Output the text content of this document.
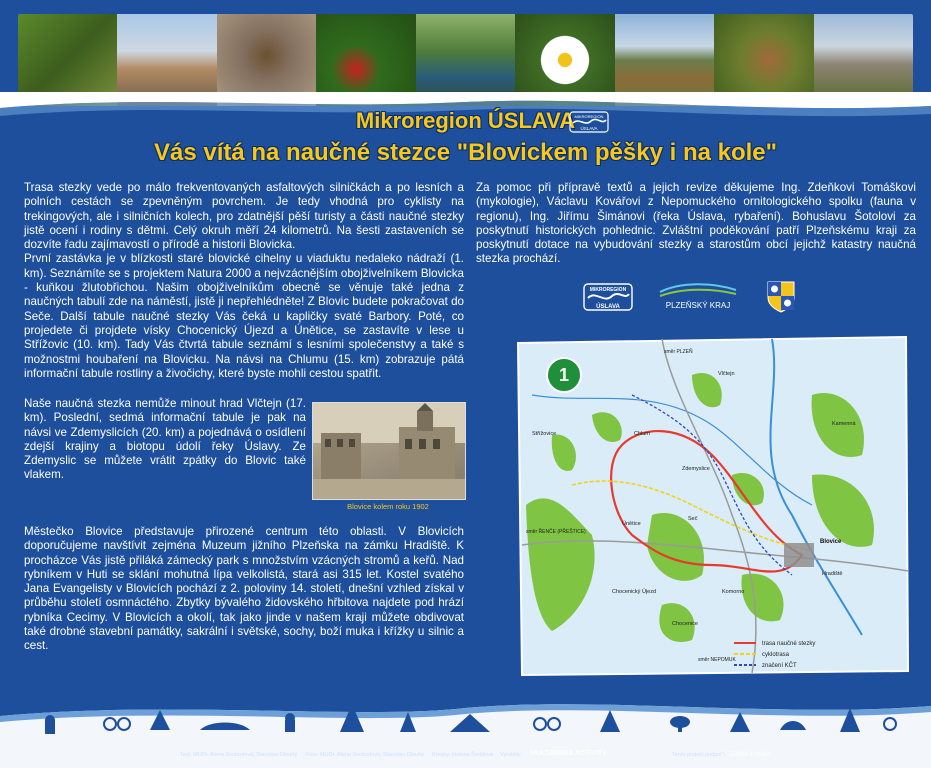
Mikroregion ÚSLAVA MIKROREGION
ÚSLAVA
Vás vítá na naučné stezce "Blovickem pěšky i na kole"

Trasa stezky vede po málo frekventovaných asfaltových silničkách a po lesních a polních cestách se zpevněným povrchem. Je tedy vhodná pro cyklisty na trekingových, ale i silničních kolech, pro zdatnější pěší turisty a části naučné stezky jistě ocení i rodiny s dětmi. Celý okruh měří 24 kilometrů. Na šesti zastaveních se dozvíte řadu zajímavostí o přírodě a historii Blovicka.

První zastávka je v blízkosti staré blovické cihelny u viaduktu nedaleko nádraží (1. km). Seznámíte se s projektem Natura 2000 a nejvzácnějším obojživelníkem Blovicka - kuňkou žlutobřichou. Našim obojživelníkům obecně se věnuje také jedna z naučných tabulí zde na náměstí, jistě ji nepřehlédněte! Z Blovic budete pokračovat do Seče. Další tabule naučné stezky Vás čeká u kapličky svaté Barbory. Poté, co projedete či projdete vísky Chocenický Újezd a Únětice, se zastavíte v lese u Střížovic (10. km). Tady Vás čtvrtá tabule seznámí s lesními společenstvy a také s možnostmi houbaření na Blovicku. Na návsi na Chlumu (15. km) zobrazuje pátá informační tabule rostliny a živočichy, které byste mohli cestou spatřit.

Naše naučná stezka nemůže minout hrad Vlčtejn (17. km). Poslední, sedmá informační tabule je pak na návsi ve Zdemyslicích (20. km) a pojednává o osídlení zdejší krajiny a biotopu údolí řeky Úslavy. Ze Zdemyslic se můžete vrátit zpátky do Blovic také vlakem.

Blovice kolem roku 1902

Městečko Blovice představuje přirozené centrum této oblasti. V Blovicích doporučujeme navštívit zejména Muzeum jižního Plzeňska na zámku Hradiště. K procházce Vás jistě přiláká zámecký park s množstvím vzácných stromů a keřů. Nad rybníkem v Huti se sklání mohutná lípa velkolistá, stará asi 315 let. Kostel svatého Jana Evangelisty v Blovicích pochází z 2. poloviny 14. století, dnešní vzhled získal v průběhu století osmnáctého. Zbytky bývalého židovského hřbitova najdete pod hrází rybníka Cecimy. V Blovicích a okolí, tak jako jinde v našem kraji můžete obdivovat také drobné stavební památky, sakrální i světské, sochy, boží muka i křížky u silnic a cest.

Za pomoc při přípravě textů a jejich revize děkujeme Ing. Zdeňkovi Tomáškovi (mykologie), Václavu Kovářovi z Nepomuckého ornitologického spolku (fauna v regionu), Ing. Jiřímu Šimánovi (řeka Úslava, rybaření). Bohuslavu Šotolovi za poskytnutí historických pohlednic. Zvláštní poděkování patří Plzeňskému kraji za poskytnutí dotace na vybudování stezky a starostům obcí jejichž katastry naučná stezka prochází.

MIKROREGION
ÚSLAVA	PLZEŇSKÝ KRAJ
1
Chlum
Střížovice
Zdemyslice
Únětice
Seč
Chocenický Újezd
Chocenice
Blovice
Vlčtejn
Kamenná
Hradiště
Komorno
směr PLZEŇ
směr ŘENČE (PŘEŠTICE)
směr NEPOMUK
trasa naučné stezky
cyklotrasa
značení KČT
Text: MUDr. Alena Svobodová, Stanislav Dlouhý Foto: MUDr. Alena Svobodová, Stanislav Dlouhý Kresby: Helena Šmídová Vyrobila: MULTIMEDIA ACTIVITY	Tento projekt podpořil:
PLZEŇSKÝ KRAJ
